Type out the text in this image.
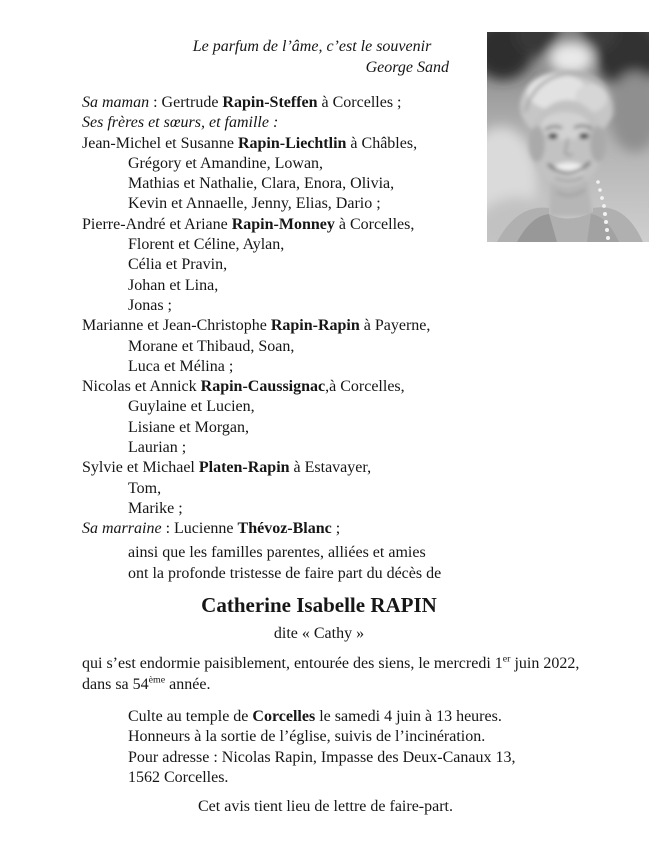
Le parfum de l’âme, c’est le souvenir
George Sand
Sa maman : Gertrude Rapin-Steffen à Corcelles ;
Ses frères et sœurs, et famille :
Jean-Michel et Susanne Rapin-Liechtlin à Châbles,
Grégory et Amandine, Lowan,
Mathias et Nathalie, Clara, Enora, Olivia,
Kevin et Annaelle, Jenny, Elias, Dario ;
Pierre-André et Ariane Rapin-Monney à Corcelles,
Florent et Céline, Aylan,
Célia et Pravin,
Johan et Lina,
Jonas ;
Marianne et Jean-Christophe Rapin-Rapin à Payerne,
Morane et Thibaud, Soan,
Luca et Mélina ;
Nicolas et Annick Rapin-Caussignac,à Corcelles,
Guylaine et Lucien,
Lisiane et Morgan,
Laurian ;
Sylvie et Michael Platen-Rapin à Estavayer,
Tom,
Marike ;
Sa marraine : Lucienne Thévoz-Blanc ;
ainsi que les familles parentes, alliées et amies
ont la profonde tristesse de faire part du décès de
Catherine Isabelle RAPIN
dite « Cathy »
qui s’est endormie paisiblement, entourée des siens, le mercredi 1er juin 2022,
dans sa 54ème année.
Culte au temple de Corcelles le samedi 4 juin à 13 heures.
Honneurs à la sortie de l’église, suivis de l’incinération.
Pour adresse : Nicolas Rapin, Impasse des Deux-Canaux 13,
1562 Corcelles.
Cet avis tient lieu de lettre de faire-part.
